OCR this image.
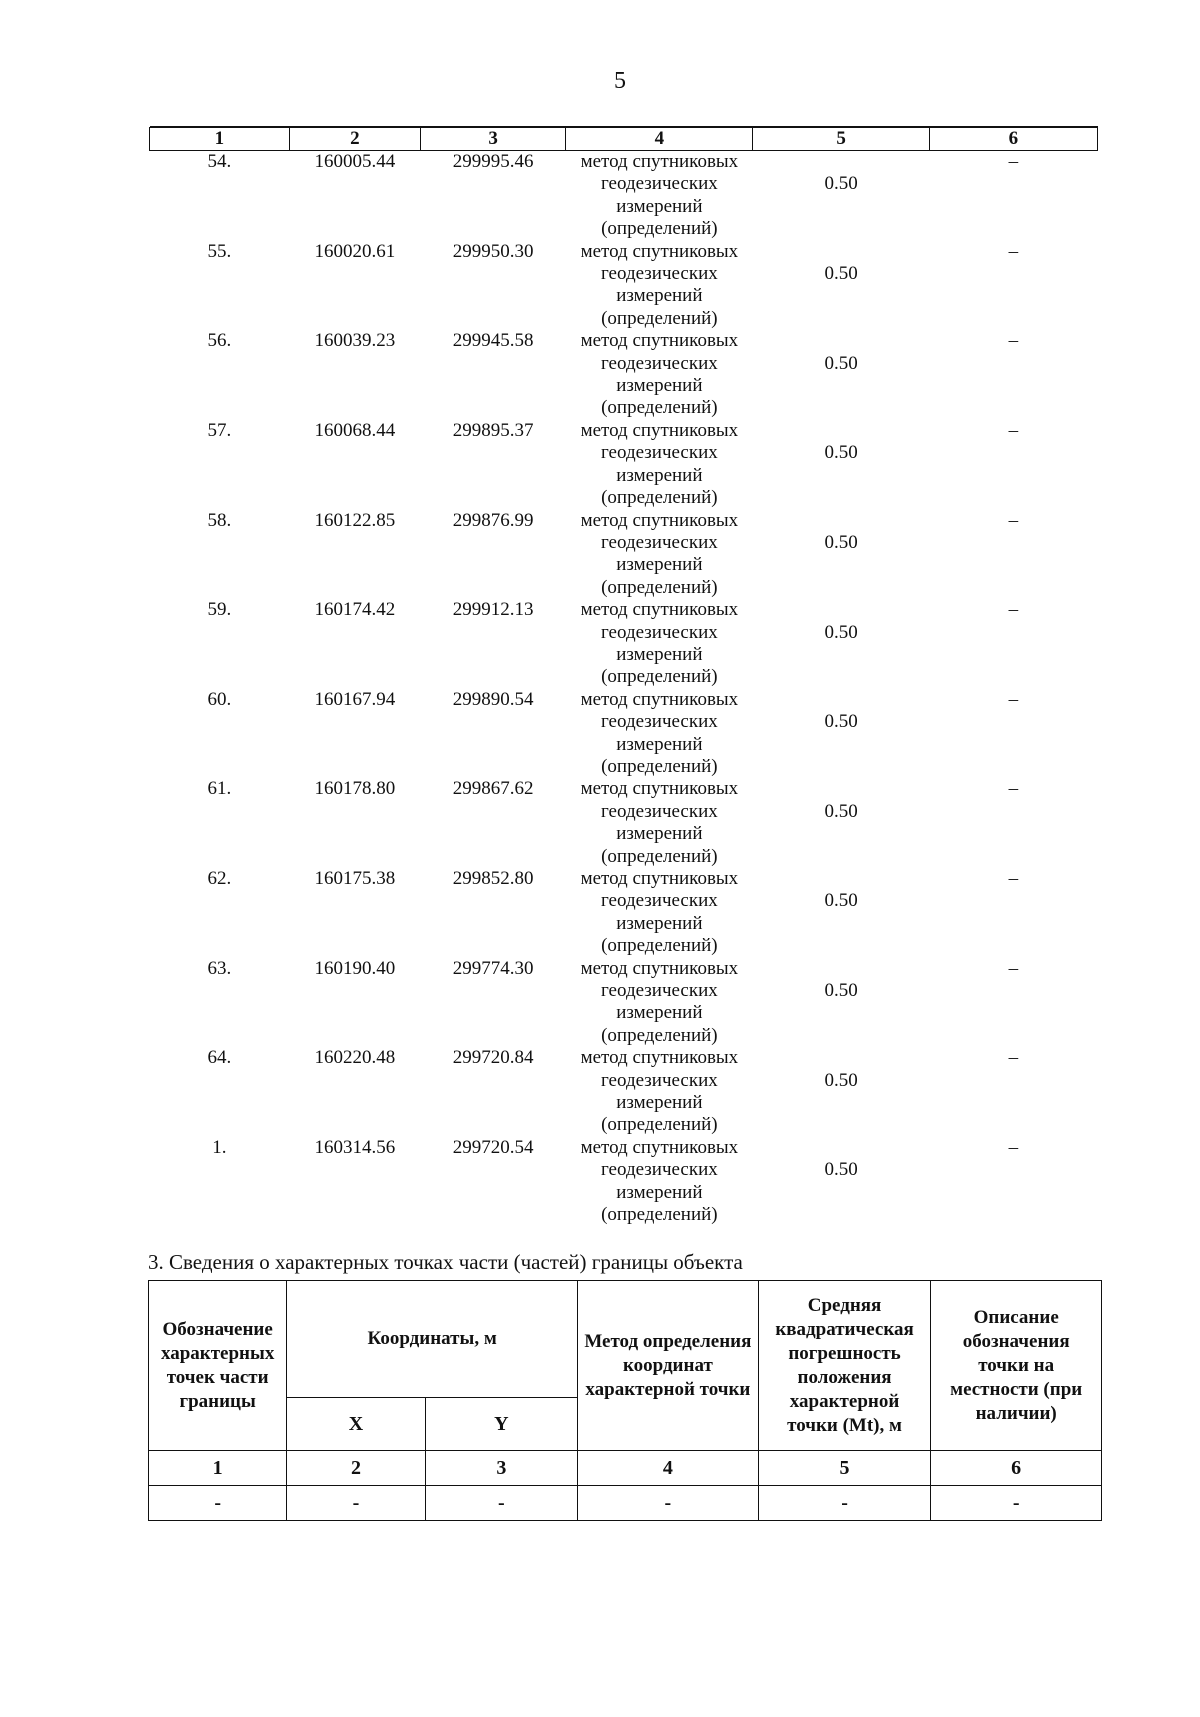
5

1	2	3	4	5	6
54.	160005.44	299995.46	метод спутниковых
геодезических
измерений
(определений)	0.50	–
55.	160020.61	299950.30	метод спутниковых
геодезических
измерений
(определений)	0.50	–
56.	160039.23	299945.58	метод спутниковых
геодезических
измерений
(определений)	0.50	–
57.	160068.44	299895.37	метод спутниковых
геодезических
измерений
(определений)	0.50	–
58.	160122.85	299876.99	метод спутниковых
геодезических
измерений
(определений)	0.50	–
59.	160174.42	299912.13	метод спутниковых
геодезических
измерений
(определений)	0.50	–
60.	160167.94	299890.54	метод спутниковых
геодезических
измерений
(определений)	0.50	–
61.	160178.80	299867.62	метод спутниковых
геодезических
измерений
(определений)	0.50	–
62.	160175.38	299852.80	метод спутниковых
геодезических
измерений
(определений)	0.50	–
63.	160190.40	299774.30	метод спутниковых
геодезических
измерений
(определений)	0.50	–
64.	160220.48	299720.84	метод спутниковых
геодезических
измерений
(определений)	0.50	–
1.	160314.56	299720.54	метод спутниковых
геодезических
измерений
(определений)	0.50	–
3. Сведения о характерных точках части (частей) границы объекта
Обозначение характерных точек части границы	Координаты, м		Метод определения координат характерной точки	Средняя квадратическая погрешность положения характерной точки (Mt), м	Описание обозначения точки на местности (при наличии)
	X	Y			
1	2	3	4	5	6
-	-	-	-	-	-
